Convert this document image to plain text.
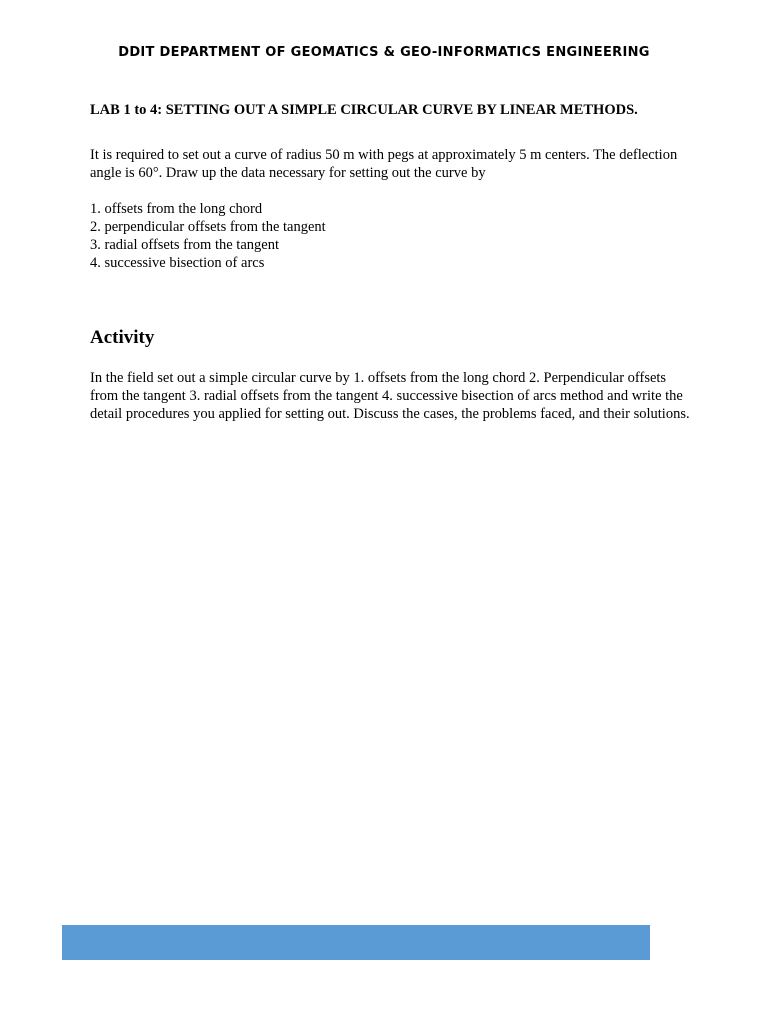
DDIT DEPARTMENT OF GEOMATICS & GEO-INFORMATICS ENGINEERING
LAB 1 to 4: SETTING OUT A SIMPLE CIRCULAR CURVE BY LINEAR METHODS.

It is required to set out a curve of radius 50 m with pegs at approximately 5 m centers. The deflection angle is 60°. Draw up the data necessary for setting out the curve by

1. offsets from the long chord
2. perpendicular offsets from the tangent
3. radial offsets from the tangent
4. successive bisection of arcs
Activity

In the field set out a simple circular curve by 1. offsets from the long chord 2. Perpendicular offsets from the tangent 3. radial offsets from the tangent 4. successive bisection of arcs method and write the detail procedures you applied for setting out. Discuss the cases, the problems faced, and their solutions.
